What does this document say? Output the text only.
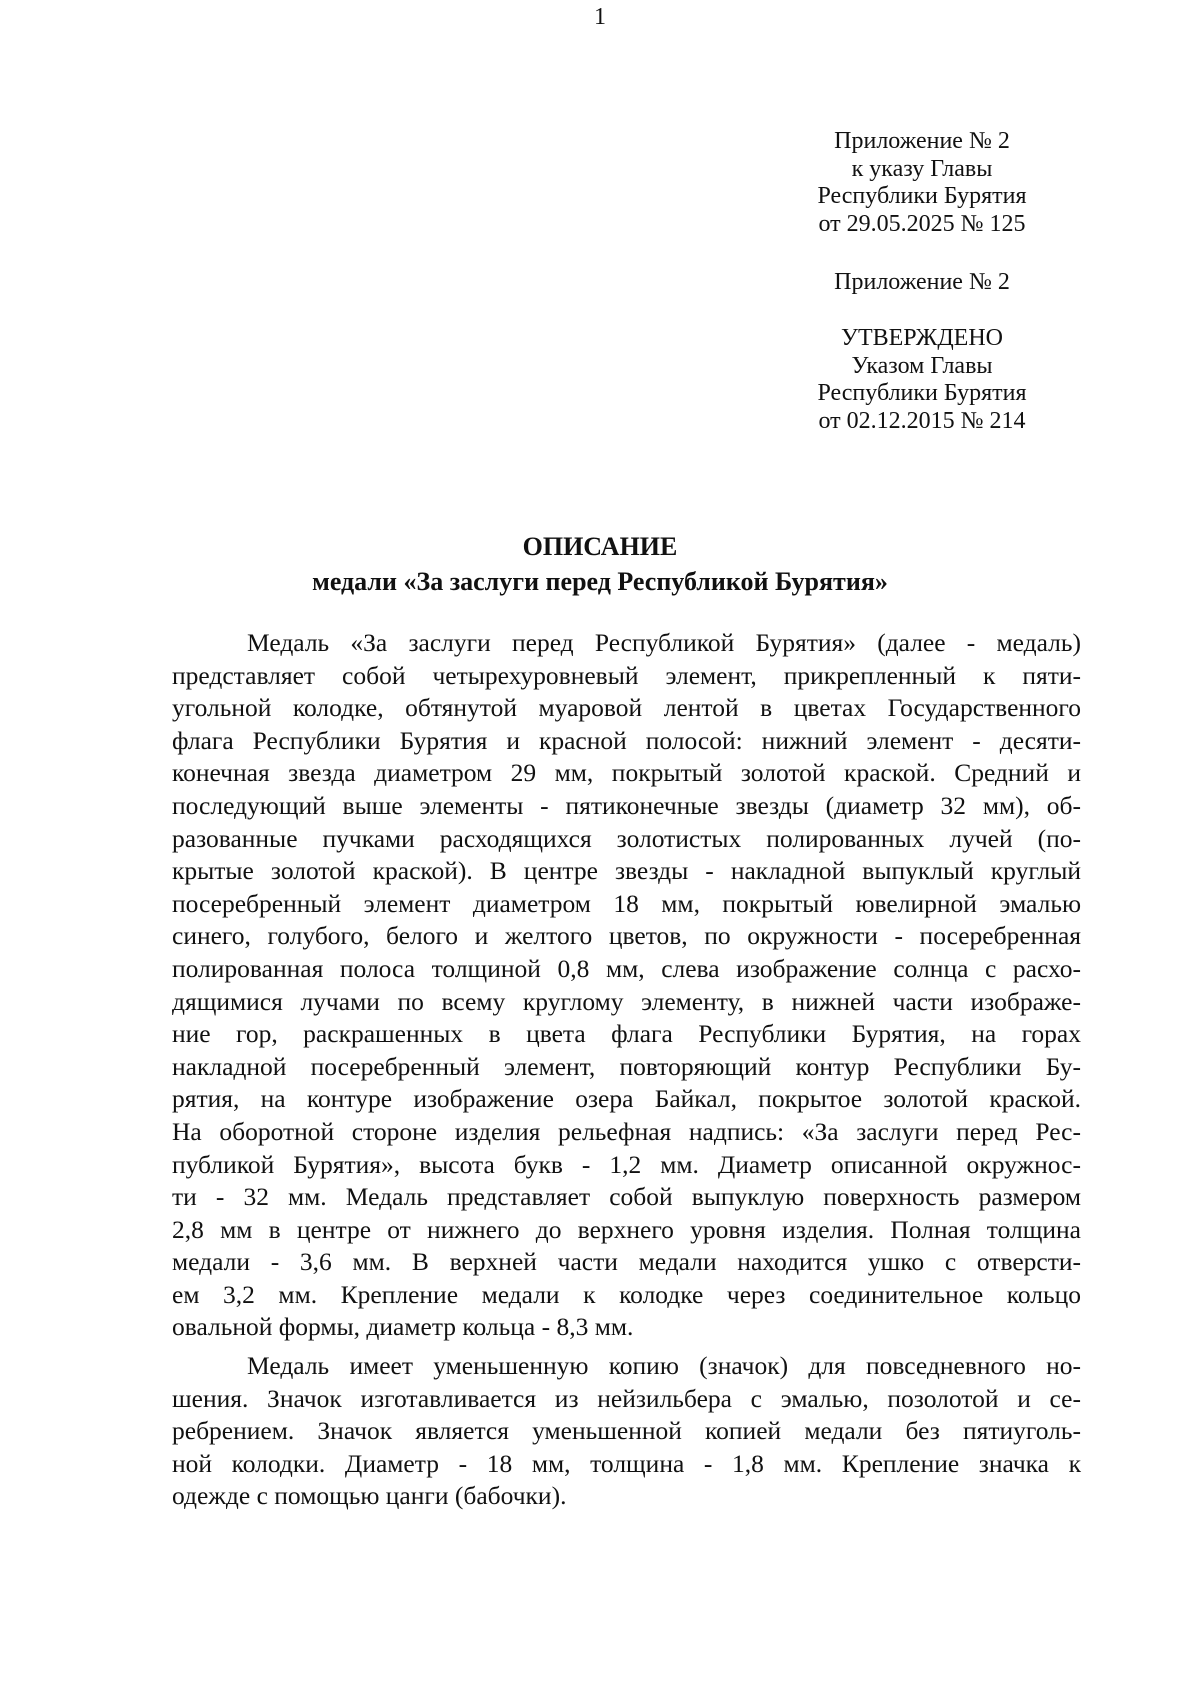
1
Приложение № 2
к указу Главы
Республики Бурятия
от 29.05.2025 № 125
Приложение № 2
УТВЕРЖДЕНО
Указом Главы
Республики Бурятия
от 02.12.2015 № 214
ОПИСАНИЕ
медали «За заслуги перед Республикой Бурятия»
Медаль «За заслуги перед Республикой Бурятия» (далее - медаль)
представляет собой четырехуровневый элемент, прикрепленный к пяти-
угольной колодке, обтянутой муаровой лентой в цветах Государственного
флага Республики Бурятия и красной полосой: нижний элемент - десяти-
конечная звезда диаметром 29 мм, покрытый золотой краской. Средний и
последующий выше элементы - пятиконечные звезды (диаметр 32 мм), об-
разованные пучками расходящихся золотистых полированных лучей (по-
крытые золотой краской). В центре звезды - накладной выпуклый круглый
посеребренный элемент диаметром 18 мм, покрытый ювелирной эмалью
синего, голубого, белого и желтого цветов, по окружности - посеребренная
полированная полоса толщиной 0,8 мм, слева изображение солнца с расхо-
дящимися лучами по всему круглому элементу, в нижней части изображе-
ние гор, раскрашенных в цвета флага Республики Бурятия, на горах
накладной посеребренный элемент, повторяющий контур Республики Бу-
рятия, на контуре изображение озера Байкал, покрытое золотой краской.
На оборотной стороне изделия рельефная надпись: «За заслуги перед Рес-
публикой Бурятия», высота букв - 1,2 мм. Диаметр описанной окружнос-
ти - 32 мм. Медаль представляет собой выпуклую поверхность размером
2,8 мм в центре от нижнего до верхнего уровня изделия. Полная толщина
медали - 3,6 мм. В верхней части медали находится ушко с отверсти-
ем 3,2 мм. Крепление медали к колодке через соединительное кольцо
овальной формы, диаметр кольца - 8,3 мм.
Медаль имеет уменьшенную копию (значок) для повседневного но-
шения. Значок изготавливается из нейзильбера с эмалью, позолотой и се-
ребрением. Значок является уменьшенной копией медали без пятиуголь-
ной колодки. Диаметр - 18 мм, толщина - 1,8 мм. Крепление значка к
одежде с помощью цанги (бабочки).
